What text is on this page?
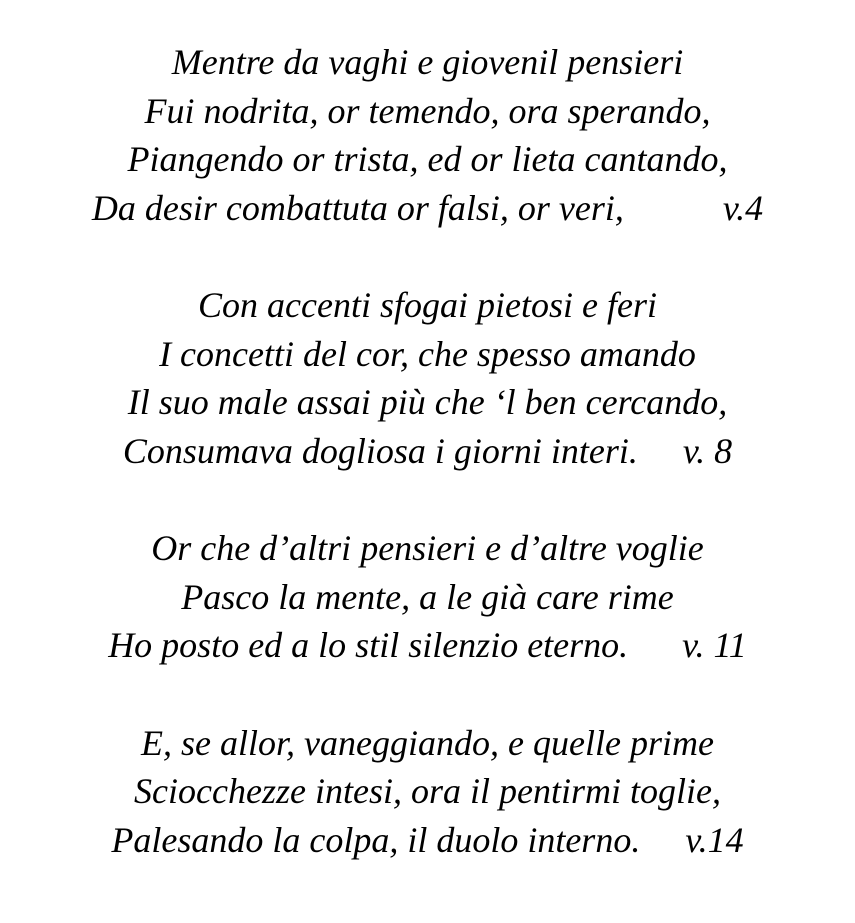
Mentre da vaghi e giovenil pensieri
Fui nodrita, or temendo, ora sperando,
Piangendo or trista, ed or lieta cantando,
Da desir combattuta or falsi, or veri,           v.4
Con accenti sfogai pietosi e feri
I concetti del cor, che spesso amando
Il suo male assai più che ‘l ben cercando,
Consumava dogliosa i giorni interi.     v. 8
Or che d’altri pensieri e d’altre voglie
Pasco la mente, a le già care rime
Ho posto ed a lo stil silenzio eterno.      v. 11
E, se allor, vaneggiando, e quelle prime
Sciocchezze intesi, ora il pentirmi toglie,
Palesando la colpa, il duolo interno.     v.14
